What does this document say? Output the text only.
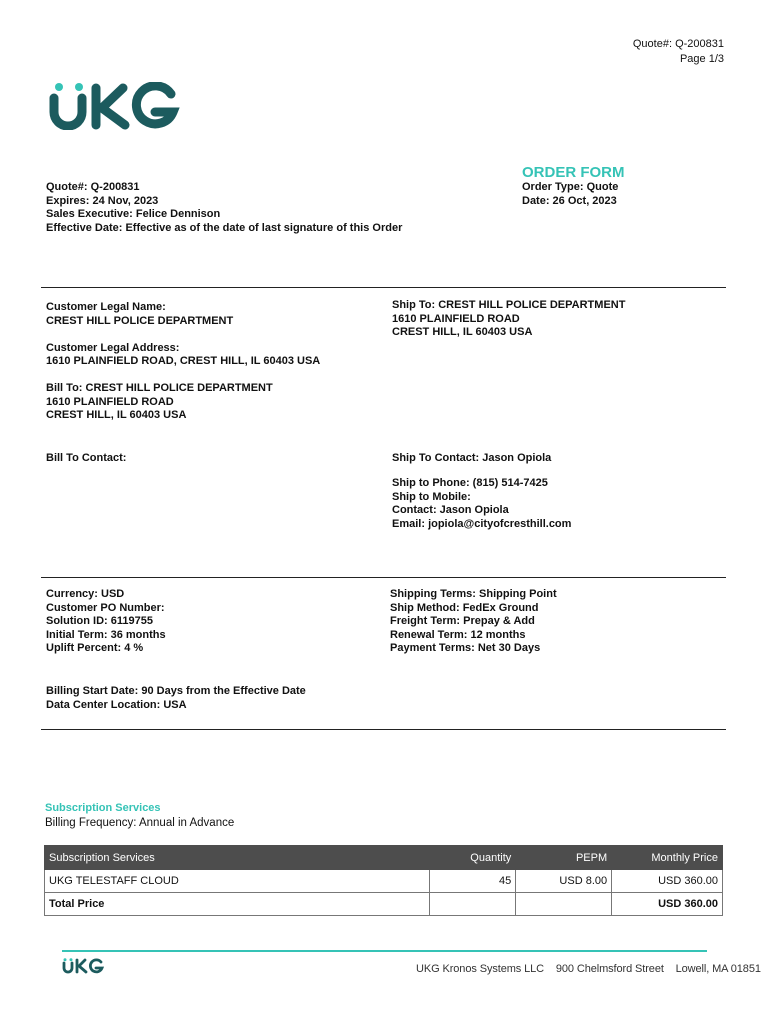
Quote#: Q-200831
Page 1/3
ORDER FORM
Quote#: Q-200831
Expires: 24 Nov, 2023
Sales Executive: Felice Dennison
Effective Date: Effective as of the date of last signature of this Order
Order Type: Quote
Date: 26 Oct, 2023
Customer Legal Name:
CREST HILL POLICE DEPARTMENT
Customer Legal Address:
1610 PLAINFIELD ROAD, CREST HILL, IL 60403 USA
Bill To: CREST HILL POLICE DEPARTMENT
1610 PLAINFIELD ROAD
CREST HILL, IL 60403 USA
Bill To Contact:
Ship To: CREST HILL POLICE DEPARTMENT
1610 PLAINFIELD ROAD
CREST HILL, IL 60403 USA
Ship To Contact: Jason Opiola
Ship to Phone: (815) 514-7425
Ship to Mobile:
Contact: Jason Opiola
Email: jopiola@cityofcresthill.com
Currency: USD
Customer PO Number:
Solution ID: 6119755
Initial Term: 36 months
Uplift Percent: 4 %
Shipping Terms: Shipping Point
Ship Method: FedEx Ground
Freight Term: Prepay & Add
Renewal Term: 12 months
Payment Terms: Net 30 Days
Billing Start Date: 90 Days from the Effective Date
Data Center Location: USA
Subscription Services
Billing Frequency: Annual in Advance
Subscription Services	Quantity	PEPM	Monthly Price
UKG TELESTAFF CLOUD	45	USD 8.00	USD 360.00
Total Price			USD 360.00
UKG Kronos Systems LLC    900 Chelmsford Street    Lowell, MA 01851
